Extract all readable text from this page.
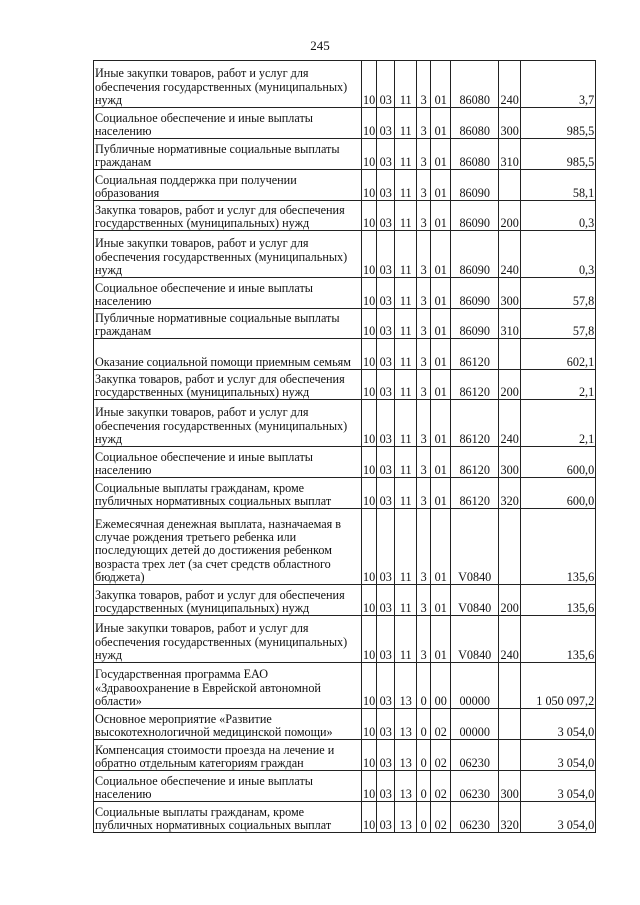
245
Иные закупки товаров, работ и услуг для обеспечения государственных (муниципальных) нужд	10	03	11	3	01	86080	240	3,7
Социальное обеспечение и иные выплаты населению	10	03	11	3	01	86080	300	985,5
Публичные нормативные социальные выплаты гражданам	10	03	11	3	01	86080	310	985,5
Социальная поддержка при получении образования	10	03	11	3	01	86090		58,1
Закупка товаров, работ и услуг для обеспечения государственных (муниципальных) нужд	10	03	11	3	01	86090	200	0,3
Иные закупки товаров, работ и услуг для обеспечения государственных (муниципальных) нужд	10	03	11	3	01	86090	240	0,3
Социальное обеспечение и иные выплаты населению	10	03	11	3	01	86090	300	57,8
Публичные нормативные социальные выплаты гражданам	10	03	11	3	01	86090	310	57,8
Оказание социальной помощи приемным семьям	10	03	11	3	01	86120		602,1
Закупка товаров, работ и услуг для обеспечения государственных (муниципальных) нужд	10	03	11	3	01	86120	200	2,1
Иные закупки товаров, работ и услуг для обеспечения государственных (муниципальных) нужд	10	03	11	3	01	86120	240	2,1
Социальное обеспечение и иные выплаты населению	10	03	11	3	01	86120	300	600,0
Социальные выплаты гражданам, кроме публичных нормативных социальных выплат	10	03	11	3	01	86120	320	600,0
Ежемесячная денежная выплата, назначаемая в случае рождения третьего ребенка или последующих детей до достижения ребенком возраста трех лет (за счет средств областного бюджета)	10	03	11	3	01	V0840		135,6
Закупка товаров, работ и услуг для обеспечения государственных (муниципальных) нужд	10	03	11	3	01	V0840	200	135,6
Иные закупки товаров, работ и услуг для обеспечения государственных (муниципальных) нужд	10	03	11	3	01	V0840	240	135,6
Государственная программа ЕАО «Здравоохранение в Еврейской автономной области»	10	03	13	0	00	00000		1 050 097,2
Основное мероприятие «Развитие высокотехнологичной медицинской помощи»	10	03	13	0	02	00000		3 054,0
Компенсация стоимости проезда на лечение и обратно отдельным категориям граждан	10	03	13	0	02	06230		3 054,0
Социальное обеспечение и иные выплаты населению	10	03	13	0	02	06230	300	3 054,0
Социальные выплаты гражданам, кроме публичных нормативных социальных выплат	10	03	13	0	02	06230	320	3 054,0
